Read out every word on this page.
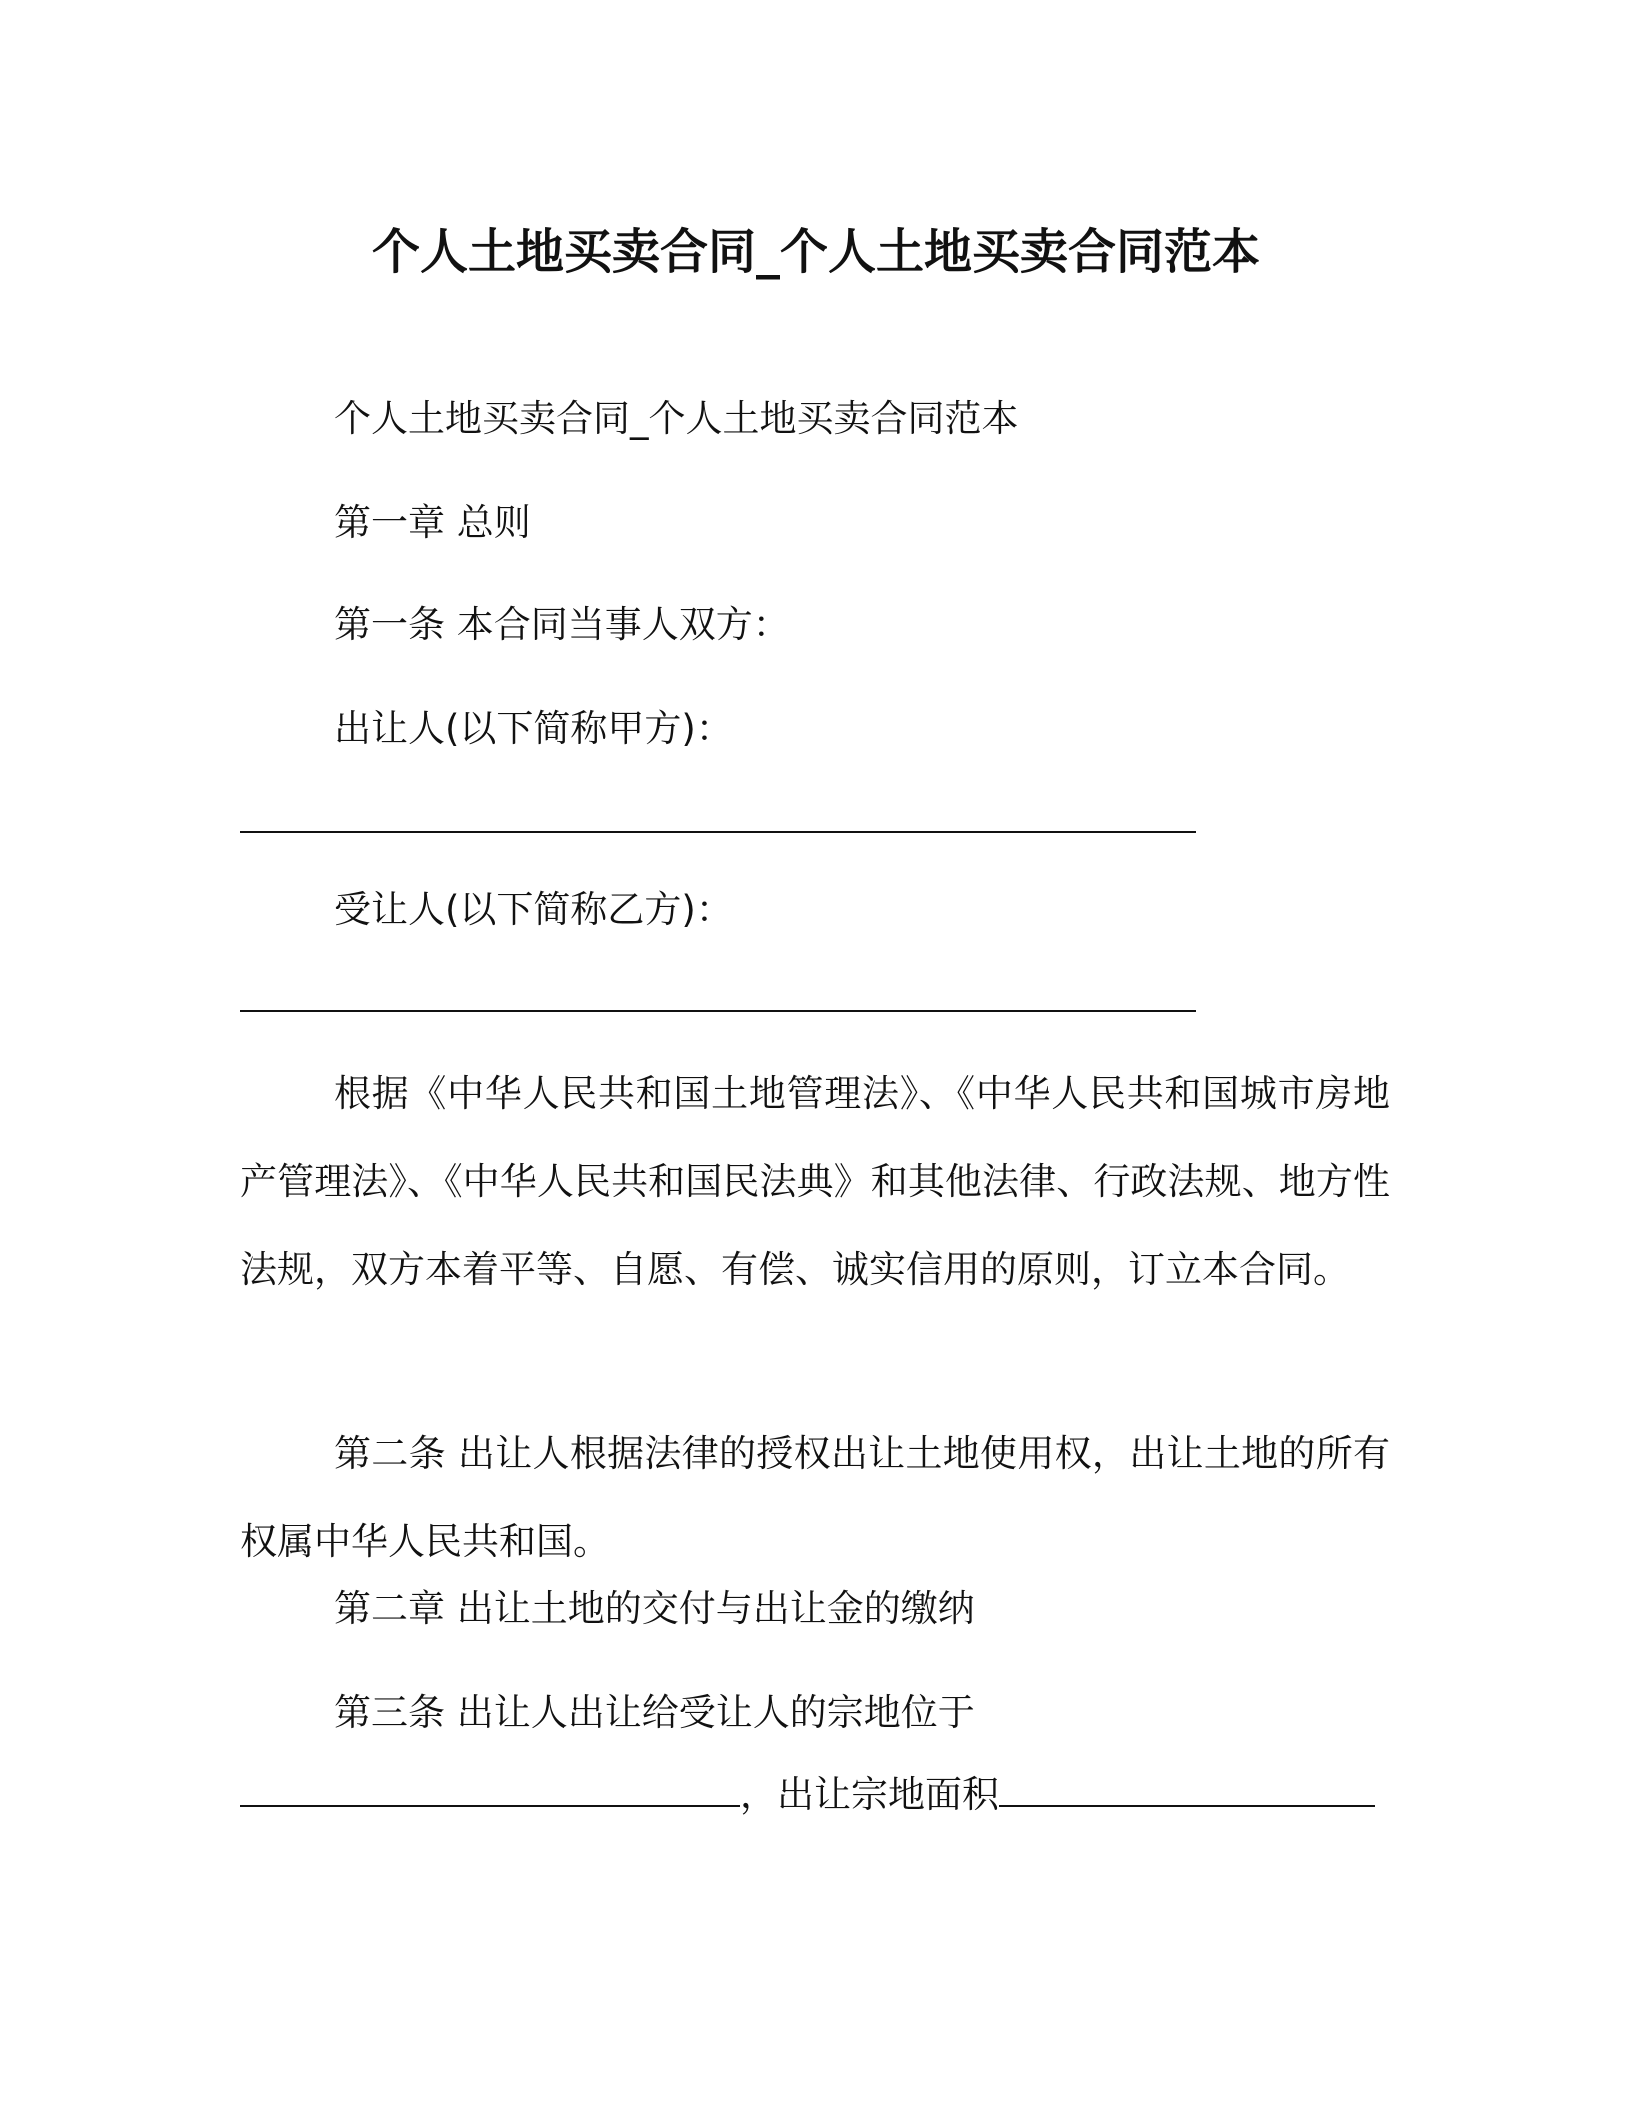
个人土地买卖合同_个人土地买卖合同范本
个人土地买卖合同_个人土地买卖合同范本
第一章 总则
第一条 本合同当事人双方：
出让人(以下简称甲方)：
受让人(以下简称乙方)：
根据《中华人民共和国土地管理法》、《中华人民共和国城市房地产管理法》、《中华人民共和国民法典》和其他法律、行政法规、地方性法规，双方本着平等、自愿、有偿、诚实信用的原则，订立本合同。
第二条 出让人根据法律的授权出让土地使用权，出让土地的所有权属中华人民共和国。
第二章 出让土地的交付与出让金的缴纳
第三条 出让人出让给受让人的宗地位于
，出让宗地面积
